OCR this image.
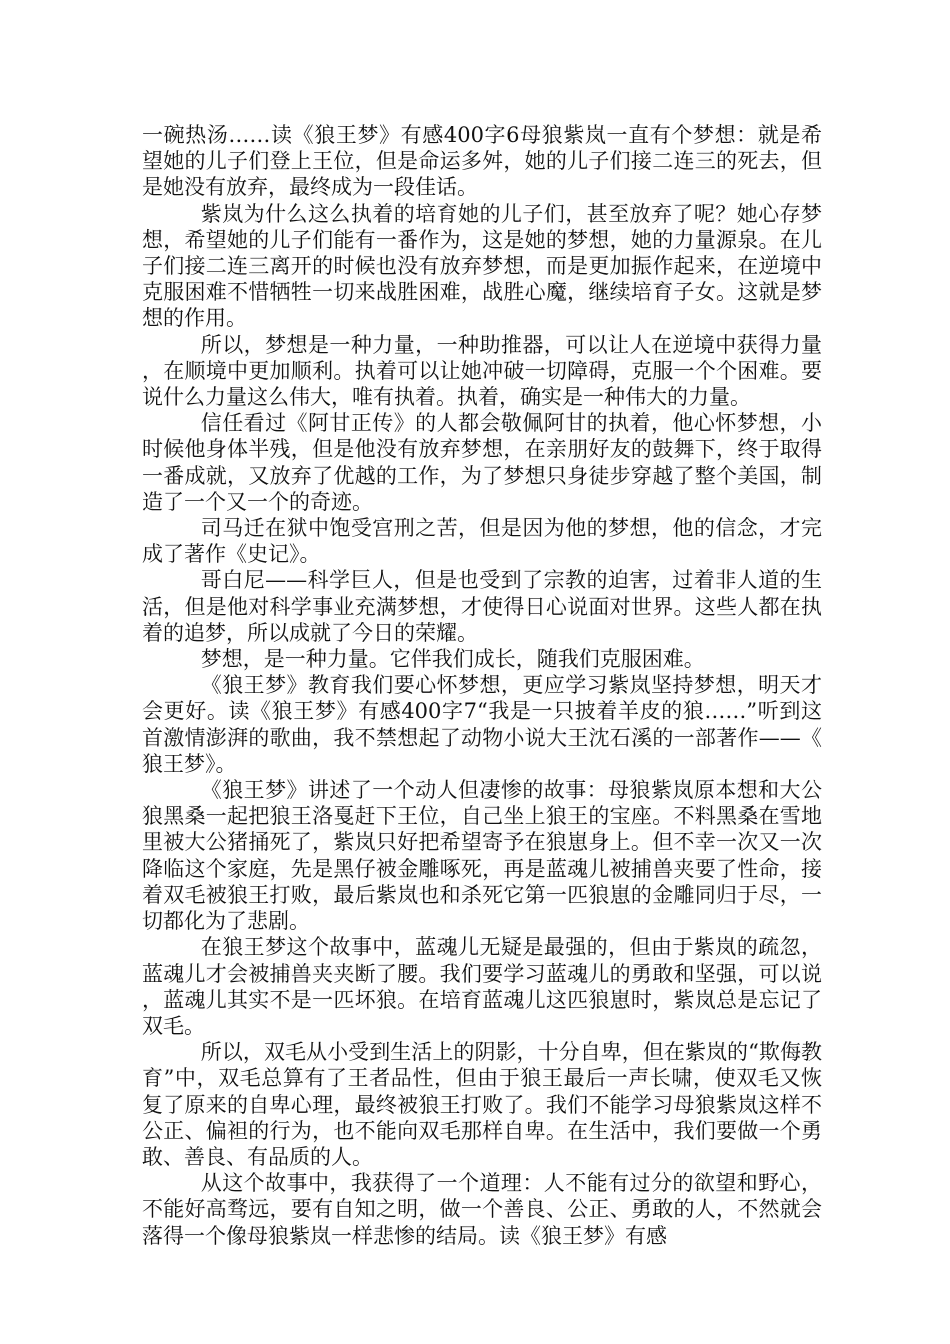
一碗热汤……读《狼王梦》有感400字6母狼紫岚一直有个梦想：就是希望她的儿子们登上王位，但是命运多舛，她的儿子们接二连三的死去，但是她没有放弃，最终成为一段佳话。

紫岚为什么这么执着的培育她的儿子们，甚至放弃了呢？她心存梦想，希望她的儿子们能有一番作为，这是她的梦想，她的力量源泉。在儿子们接二连三离开的时候也没有放弃梦想，而是更加振作起来，在逆境中克服困难不惜牺牲一切来战胜困难，战胜心魔，继续培育子女。这就是梦想的作用。

所以，梦想是一种力量，一种助推器，可以让人在逆境中获得力量，在顺境中更加顺利。执着可以让她冲破一切障碍，克服一个个困难。要说什么力量这么伟大，唯有执着。执着，确实是一种伟大的力量。

信任看过《阿甘正传》的人都会敬佩阿甘的执着，他心怀梦想，小时候他身体半残，但是他没有放弃梦想，在亲朋好友的鼓舞下，终于取得一番成就，又放弃了优越的工作，为了梦想只身徒步穿越了整个美国，制造了一个又一个的奇迹。

司马迁在狱中饱受宫刑之苦，但是因为他的梦想，他的信念，才完成了著作《史记》。

哥白尼——科学巨人，但是也受到了宗教的迫害，过着非人道的生活，但是他对科学事业充满梦想，才使得日心说面对世界。这些人都在执着的追梦，所以成就了今日的荣耀。

梦想，是一种力量。它伴我们成长，随我们克服困难。

《狼王梦》教育我们要心怀梦想，更应学习紫岚坚持梦想，明天才会更好。读《狼王梦》有感400字7“我是一只披着羊皮的狼……”听到这首激情澎湃的歌曲，我不禁想起了动物小说大王沈石溪的一部著作——《狼王梦》。

《狼王梦》讲述了一个动人但凄惨的故事：母狼紫岚原本想和大公狼黑桑一起把狼王洛戛赶下王位，自己坐上狼王的宝座。不料黑桑在雪地里被大公猪捅死了，紫岚只好把希望寄予在狼崽身上。但不幸一次又一次降临这个家庭，先是黑仔被金雕啄死，再是蓝魂儿被捕兽夹要了性命，接着双毛被狼王打败，最后紫岚也和杀死它第一匹狼崽的金雕同归于尽，一切都化为了悲剧。

在狼王梦这个故事中，蓝魂儿无疑是最强的，但由于紫岚的疏忽，蓝魂儿才会被捕兽夹夹断了腰。我们要学习蓝魂儿的勇敢和坚强，可以说，蓝魂儿其实不是一匹坏狼。在培育蓝魂儿这匹狼崽时，紫岚总是忘记了双毛。

所以，双毛从小受到生活上的阴影，十分自卑，但在紫岚的“欺侮教育”中，双毛总算有了王者品性，但由于狼王最后一声长啸，使双毛又恢复了原来的自卑心理，最终被狼王打败了。我们不能学习母狼紫岚这样不公正、偏袒的行为，也不能向双毛那样自卑。在生活中，我们要做一个勇敢、善良、有品质的人。

从这个故事中，我获得了一个道理：人不能有过分的欲望和野心，不能好高骛远，要有自知之明，做一个善良、公正、勇敢的人，不然就会落得一个像母狼紫岚一样悲惨的结局。读《狼王梦》有感
